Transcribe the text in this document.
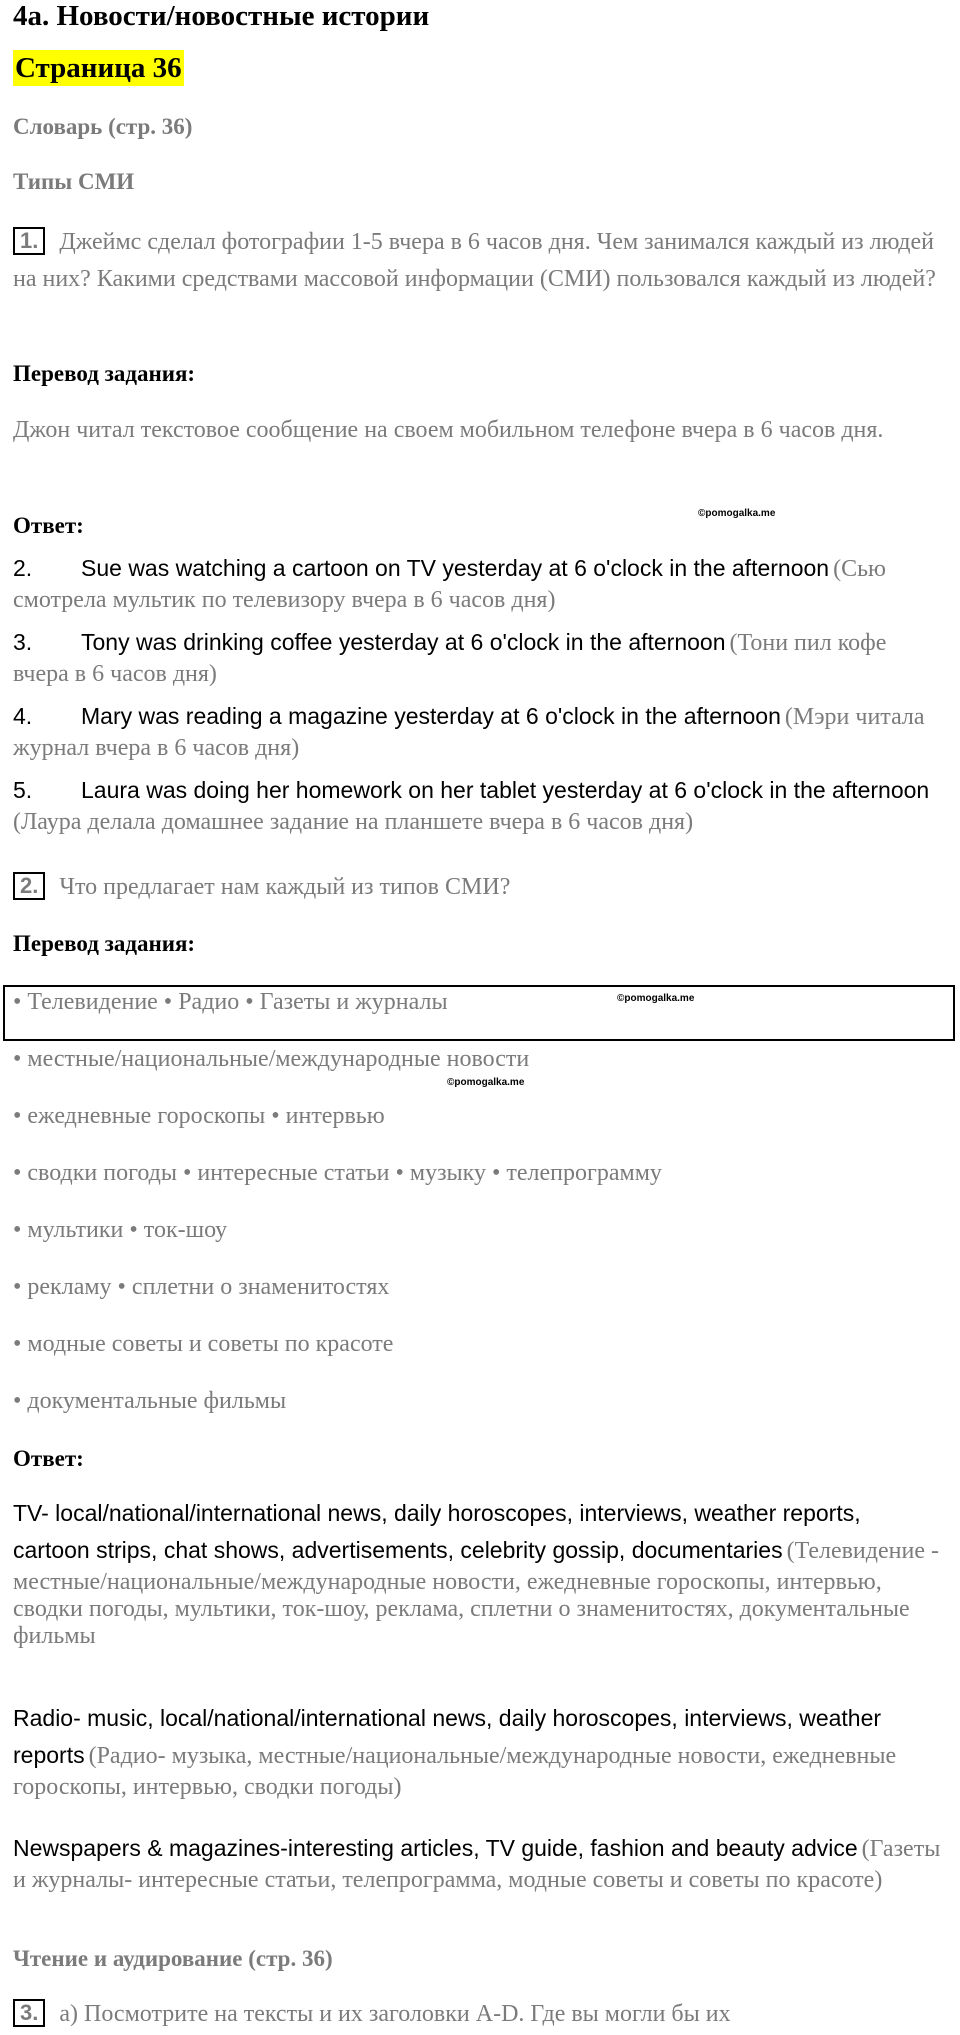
4a. Новости/новостные истории
Страница 36
Словарь (стр. 36)
Типы СМИ
1. Джеймс сделал фотографии 1-5 вчера в 6 часов дня. Чем занимался каждый из людей на них? Какими средствами массовой информации (СМИ) пользовался каждый из людей?
Перевод задания:
Джон читал текстовое сообщение на своем мобильном телефоне вчера в 6 часов дня.
Ответ:	©pomogalka.me
2. Sue was watching a cartoon on TV yesterday at 6 o'clock in the afternoon (Сью смотрела мультик по телевизору вчера в 6 часов дня)
3. Tony was drinking coffee yesterday at 6 o'clock in the afternoon (Тони пил кофе вчера в 6 часов дня)
4. Mary was reading a magazine yesterday at 6 o'clock in the afternoon (Мэри читала журнал вчера в 6 часов дня)
5. Laura was doing her homework on her tablet yesterday at 6 o'clock in the afternoon (Лаура делала домашнее задание на планшете вчера в 6 часов дня)
2. Что предлагает нам каждый из типов СМИ?
Перевод задания:
• Телевидение • Радио • Газеты и журналы	©pomogalka.me
• местные/национальные/международные новости
©pomogalka.me
• ежедневные гороскопы • интервью
• сводки погоды • интересные статьи • музыку • телепрограмму
• мультики • ток-шоу
• рекламу • сплетни о знаменитостях
• модные советы и советы по красоте
• документальные фильмы
Ответ:
TV- local/national/international news, daily horoscopes, interviews, weather reports, cartoon strips, chat shows, advertisements, celebrity gossip, documentaries (Телевидение - местные/национальные/международные новости, ежедневные гороскопы, интервью, сводки погоды, мультики, ток-шоу, реклама, сплетни о знаменитостях, документальные фильмы
Radio- music, local/national/international news, daily horoscopes, interviews, weather reports (Радио- музыка, местные/национальные/международные новости, ежедневные гороскопы, интервью, сводки погоды)
Newspapers & magazines-interesting articles, TV guide, fashion and beauty advice (Газеты и журналы- интересные статьи, телепрограмма, модные советы и советы по красоте)
Чтение и аудирование (стр. 36)
3. a) Посмотрите на тексты и их заголовки A-D. Где вы могли бы их
